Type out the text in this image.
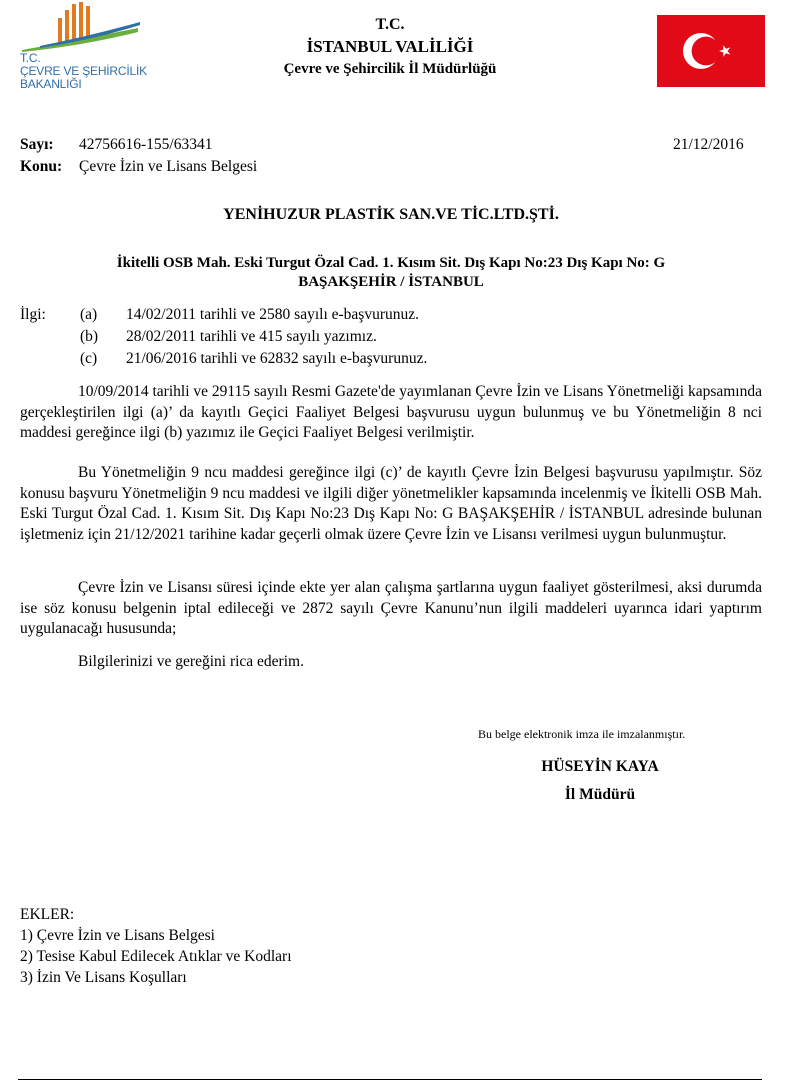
T.C.
ÇEVRE VE ŞEHİRCİLİK
BAKANLIĞI
T.C.
İSTANBUL VALİLİĞİ
Çevre ve Şehircilik İl Müdürlüğü
Sayı: 42756616-155/63341	21/12/2016
Konu: Çevre İzin ve Lisans Belgesi
YENİHUZUR PLASTİK SAN.VE TİC.LTD.ŞTİ.
İkitelli OSB Mah. Eski Turgut Özal Cad. 1. Kısım Sit. Dış Kapı No:23 Dış Kapı No: G
BAŞAKŞEHİR / İSTANBUL
İlgi: (a) 14/02/2011 tarihli ve 2580 sayılı e-başvurunuz.
(b) 28/02/2011 tarihli ve 415 sayılı yazımız.
(c) 21/06/2016 tarihli ve 62832 sayılı e-başvurunuz.
10/09/2014 tarihli ve 29115 sayılı Resmi Gazete'de yayımlanan Çevre İzin ve Lisans Yönetmeliği kapsamında gerçekleştirilen ilgi (a)’ da kayıtlı Geçici Faaliyet Belgesi başvurusu uygun bulunmuş ve bu Yönetmeliğin 8 nci maddesi gereğince ilgi (b) yazımız ile Geçici Faaliyet Belgesi verilmiştir.
Bu Yönetmeliğin 9 ncu maddesi gereğince ilgi (c)’ de kayıtlı Çevre İzin Belgesi başvurusu yapılmıştır. Söz konusu başvuru Yönetmeliğin 9 ncu maddesi ve ilgili diğer yönetmelikler kapsamında incelenmiş ve İkitelli OSB Mah. Eski Turgut Özal Cad. 1. Kısım Sit. Dış Kapı No:23 Dış Kapı No: G BAŞAKŞEHİR / İSTANBUL adresinde bulunan işletmeniz için 21/12/2021 tarihine kadar geçerli olmak üzere Çevre İzin ve Lisansı verilmesi uygun bulunmuştur.
Çevre İzin ve Lisansı süresi içinde ekte yer alan çalışma şartlarına uygun faaliyet gösterilmesi, aksi durumda ise söz konusu belgenin iptal edileceği ve 2872 sayılı Çevre Kanunu’nun ilgili maddeleri uyarınca idari yaptırım uygulanacağı hususunda;
Bilgilerinizi ve gereğini rica ederim.
Bu belge elektronik imza ile imzalanmıştır.
HÜSEYİN KAYA
İl Müdürü
EKLER:
1) Çevre İzin ve Lisans Belgesi
2) Tesise Kabul Edilecek Atıklar ve Kodları
3) İzin Ve Lisans Koşulları
